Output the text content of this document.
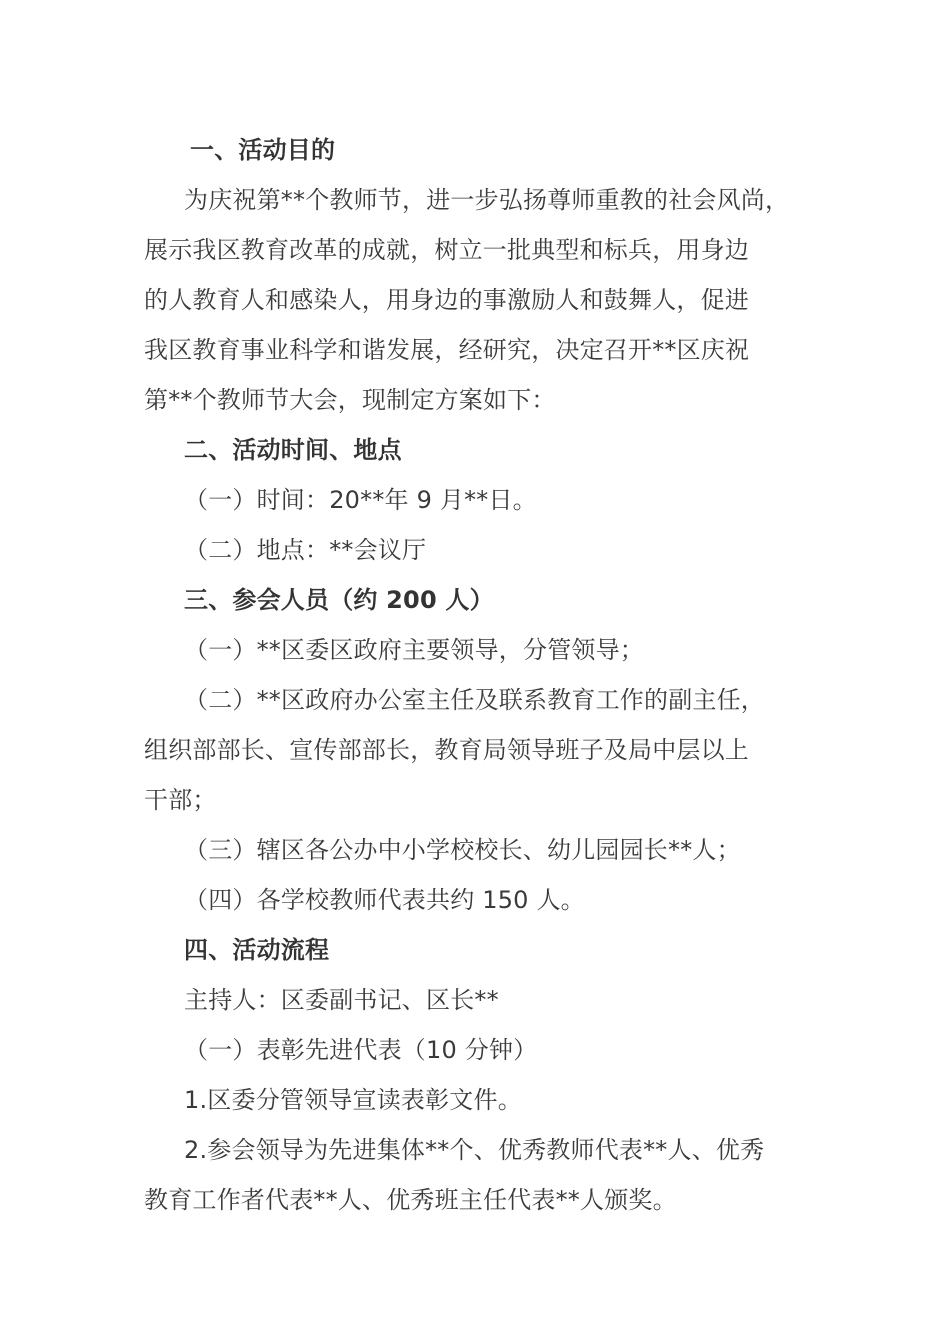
一、活动目的
为庆祝第**个教师节，进一步弘扬尊师重教的社会风尚，
展示我区教育改革的成就，树立一批典型和标兵，用身边
的人教育人和感染人，用身边的事激励人和鼓舞人，促进
我区教育事业科学和谐发展，经研究，决定召开**区庆祝
第**个教师节大会，现制定方案如下：
二、活动时间、地点
（一）时间：20**年 9 月**日。
（二）地点：**会议厅
三、参会人员（约 200 人）
（一）**区委区政府主要领导，分管领导；
（二）**区政府办公室主任及联系教育工作的副主任，
组织部部长、宣传部部长，教育局领导班子及局中层以上
干部；
（三）辖区各公办中小学校校长、幼儿园园长**人；
（四）各学校教师代表共约 150 人。
四、活动流程
主持人：区委副书记、区长**
（一）表彰先进代表（10 分钟）
1.区委分管领导宣读表彰文件。
2.参会领导为先进集体**个、优秀教师代表**人、优秀
教育工作者代表**人、优秀班主任代表**人颁奖。
